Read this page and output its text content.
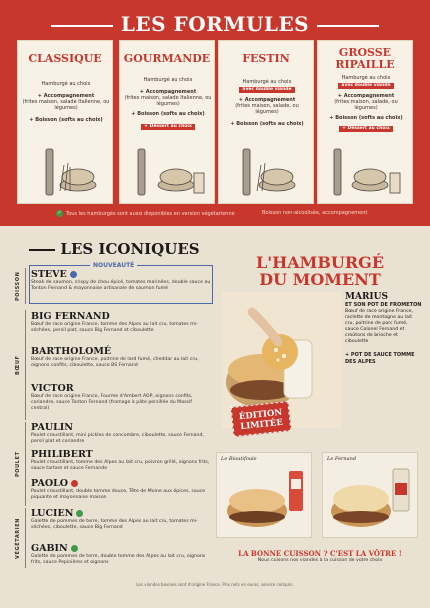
LES FORMULES
CLASSIQUE
Hamburgé au choix
+ Accompagnement
(frites maison, salade Italienne, ou légumes)
+ Boisson (softs au choix)
GOURMANDE
Hamburgé au choix
+ Accompagnement
(frites maison, salade Italienne, ou légumes)
+ Boisson (softs au choix)
+ Dessert au choix
FESTIN
Hamburgé au choix
avec double viande
+ Accompagnement
(frites maison, salade, ou légumes)
+ Boisson (softs au choix)
GROSSE RIPAILLE
Hamburgé au choix
avec double viande
+ Accompagnement
(frites maison, salade, ou légumes)
+ Boisson (softs au choix)
+ Dessert au choix
✓ Tous les hamburgés sont aussi disponibles en version végétarienne	Boisson non-alcoolisée, accompagnement
LES ICONIQUES
NOUVEAUTÉ
POISSON
BŒUF
POULET
VÉGÉTARIEN
STEVE
Steak de saumon, crispy de chou épicé, tomates marinées, double sauce au Tonton Fernand & mayonnaise artisanale de saumon fumé
BIG FERNAND
Bœuf de race origine France, tomme des Alpes au lait cru, tomates mi-séchées, persil plat, sauce Big Fernand et ciboulette
BARTHOLOMÉ
Bœuf de race origine France, poitrine de lard fumé, cheddar au lait cru, oignons confits, ciboulette, sauce BS Fernand
VICTOR
Bœuf de race origine France, Fourme d'Ambert AOP, oignons confits, coriandre, sauce Tonton Fernand (fromage à pâte persillée du Massif central)
PAULIN
Poulet croustillant, mini pickles de concombre, ciboulette, sauce Fernand, persil plat et coriandre
PHILIBERT
Poulet croustillant, tomme des Alpes au lait cru, poivron grillé, oignons frits, sauce tartare et sauce Fernande
PAOLO
Poulet croustillant, double tomme douce, Tête de Moine aux épices, sauce piquante et mayonnaise maison
LUCIEN
Galette de pommes de terre, tomme des Alpes au lait cru, tomates mi-séchées, ciboulette, sauce Big Fernand
GABIN
Galette de pommes de terre, double tomme des Alpes au lait cru, oignons frits, sauce Pepinières et oignons
L'HAMBURGÉ
DU MOMENT
ÉDITION LIMITÉE
MARIUS
ET SON POT DE FROMETON
Bœuf de race origine France, raclette de montagne au lait cru, poitrine de porc fumé, sauce Colonel Fernand et croûtons de brioche et ciboulette
+ POT DE SAUCE TOMME DES ALPES
Le Bioutifoule	Le Fernand
LA BONNE CUISSON ? C'EST LA VÔTRE !
Nous cuisons nos viandes à la cuisson de votre choix
Les viandes bovines sont d'origine France. Prix nets en euros, service compris.
